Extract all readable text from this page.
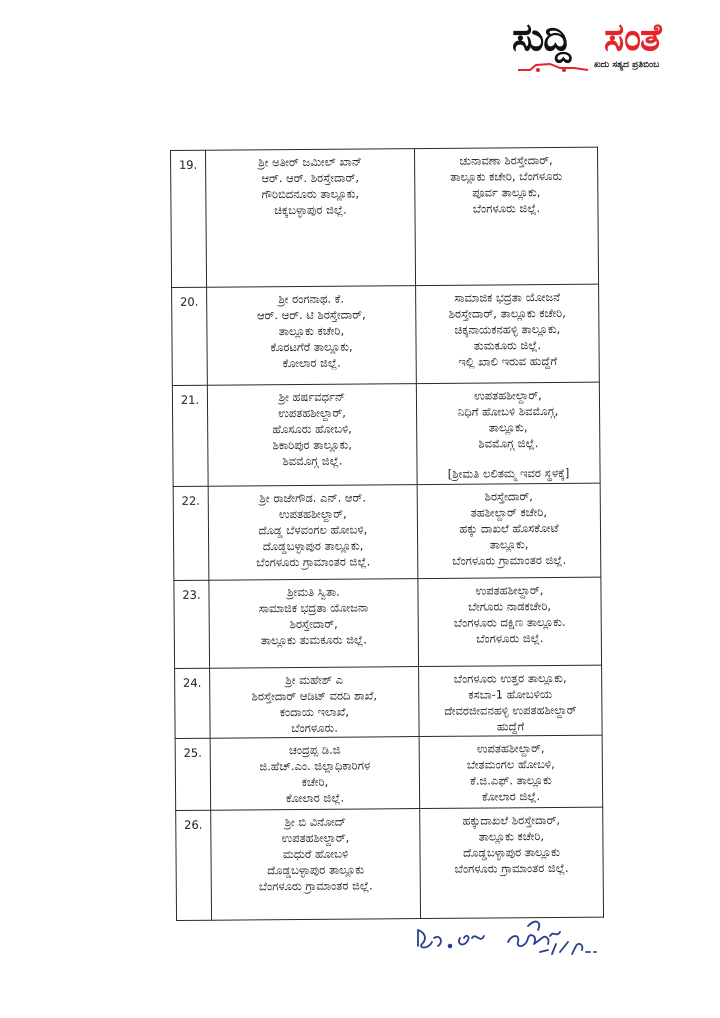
ಸುದ್ದಿ ಸಂತೆ
ಖದು ಸತ್ಯದ ಪ್ರತಿಬಿಂಬ
19.	ಶ್ರೀ ಅತೀರ್ ಜಮೀಲ್ ಖಾನ್
ಆರ್. ಆರ್. ಶಿರಸ್ತೇದಾರ್,
ಗೌರಿಬಿದನೂರು ತಾಲ್ಲೂಕು,
ಚಿಕ್ಕಬಳ್ಳಾಪುರ ಜಿಲ್ಲೆ.	ಚುನಾವಣಾ ಶಿರಸ್ತೇದಾರ್,
ತಾಲ್ಲೂಕು ಕಚೇರಿ, ಬೆಂಗಳೂರು
ಪೂರ್ವ ತಾಲ್ಲೂಕು,
ಬೆಂಗಳೂರು ಜಿಲ್ಲೆ.

20.	ಶ್ರೀ ರಂಗನಾಥ. ಕೆ.
ಆರ್. ಆರ್. ಟಿ ಶಿರಸ್ತೇದಾರ್,
ತಾಲ್ಲೂಕು ಕಚೇರಿ,
ಕೊರಟಗೆರೆ ತಾಲ್ಲೂಕು,
ಕೋಲಾರ ಜಿಲ್ಲೆ.	ಸಾಮಾಜಿಕ ಭದ್ರತಾ ಯೋಜನೆ
ಶಿರಸ್ತೇದಾರ್, ತಾಲ್ಲೂಕು ಕಚೇರಿ,
ಚಿಕ್ಕನಾಯಕನಹಳ್ಳಿ ತಾಲ್ಲೂಕು,
ತುಮಕೂರು ಜಿಲ್ಲೆ.
ಇಲ್ಲಿ ಖಾಲಿ ಇರುವ ಹುದ್ದೆಗೆ

21.	ಶ್ರೀ ಹರ್ಷವರ್ಧನ್
ಉಪತಹಶೀಲ್ದಾರ್,
ಹೊಸೂರು ಹೋಬಳಿ,
ಶಿಕಾರಿಪುರ ತಾಲ್ಲೂಕು,
ಶಿವಮೊಗ್ಗ ಜಿಲ್ಲೆ.	ಉಪತಹಶೀಲ್ದಾರ್,
ನಿಧಿಗೆ ಹೋಬಳಿ ಶಿವಮೊಗ್ಗ,
ತಾಲ್ಲೂಕು,
ಶಿವಮೊಗ್ಗ ಜಿಲ್ಲೆ.
[ಶ್ರೀಮತಿ ಲಲಿತಮ್ಮ ಇವರ ಸ್ಥಳಕ್ಕೆ]

22.	ಶ್ರೀ ರಾಜೇಗೌಡ. ಎನ್. ಆರ್.
ಉಪತಹಶೀಲ್ದಾರ್,
ದೊಡ್ಡ ಬೆಳವಂಗಲ ಹೋಬಳಿ,
ದೊಡ್ಡಬಳ್ಳಾಪುರ ತಾಲ್ಲೂಕು,
ಬೆಂಗಳೂರು ಗ್ರಾಮಾಂತರ ಜಿಲ್ಲೆ.	ಶಿರಸ್ತೇದಾರ್,
ತಹಶೀಲ್ದಾರ್ ಕಚೇರಿ,
ಹಕ್ಕು ದಾಖಲೆ ಹೊಸಕೋಟೆ
ತಾಲ್ಲೂಕು,
ಬೆಂಗಳೂರು ಗ್ರಾಮಾಂತರ ಜಿಲ್ಲೆ.

23.	ಶ್ರೀಮತಿ ಸ್ವಿತಾ.
ಸಾಮಾಜಿಕ ಭದ್ರತಾ ಯೋಜನಾ
ಶಿರಸ್ತೇದಾರ್,
ತಾಲ್ಲೂಕು ತುಮಕೂರು ಜಿಲ್ಲೆ.	ಉಪತಹಶೀಲ್ದಾರ್,
ಬೇಗೂರು ನಾಡಕಚೇರಿ,
ಬೆಂಗಳೂರು ದಕ್ಷಿಣ ತಾಲ್ಲೂಕು.
ಬೆಂಗಳೂರು ಜಿಲ್ಲೆ.

24.	ಶ್ರೀ ಮಹೇಶ್ ಎ
ಶಿರಸ್ತೇದಾರ್ ಆಡಿಟ್ ವರದಿ ಶಾಖೆ,
ಕಂದಾಯ ಇಲಾಖೆ,
ಬೆಂಗಳೂರು.	ಬೆಂಗಳೂರು ಉತ್ತರ ತಾಲ್ಲೂಕು,
ಕಸಬಾ-1 ಹೋಬಳಿಯ
ದೇವರಜೀವನಹಳ್ಳಿ ಉಪತಹಶೀಲ್ದಾರ್
ಹುದ್ದೆಗೆ

25.	ಚಂದ್ರಪ್ಪ ಡಿ.ಜಿ
ಜಿ.ಹೆಚ್.ಎಂ. ಜಿಲ್ಲಾಧಿಕಾರಿಗಳ
ಕಚೇರಿ,
ಕೋಲಾರ ಜಿಲ್ಲೆ.	ಉಪತಹಶೀಲ್ದಾರ್,
ಬೇತಮಂಗಲ ಹೋಬಳಿ,
ಕೆ.ಜಿ.ಎಫ್. ತಾಲ್ಲೂಕು
ಕೋಲಾರ ಜಿಲ್ಲೆ.

26.	ಶ್ರೀ ಬಿ ವಿನೋದ್
ಉಪತಹಶೀಲ್ದಾರ್,
ಮಧುರೆ ಹೋಬಳಿ
ದೊಡ್ಡಬಳ್ಳಾಪುರ ತಾಲ್ಲೂಕು
ಬೆಂಗಳೂರು ಗ್ರಾಮಾಂತರ ಜಿಲ್ಲೆ.	ಹಕ್ಕುದಾಖಲೆ ಶಿರಸ್ತೇದಾರ್,
ತಾಲ್ಲೂಕು ಕಚೇರಿ,
ದೊಡ್ಡಬಳ್ಳಾಪುರ ತಾಲ್ಲೂಕು
ಬೆಂಗಳೂರು ಗ್ರಾಮಾಂತರ ಜಿಲ್ಲೆ.
ಸ್ಥಾ. ಆರ್ ಮನೋಜ್ 27/9/23.
